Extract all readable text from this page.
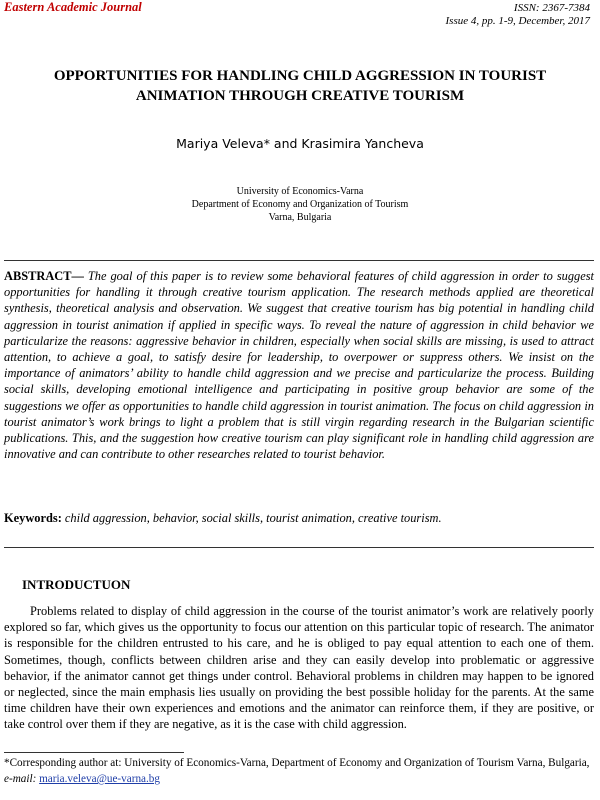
Eastern Academic Journal	ISSN: 2367-7384
Issue 4, pp. 1-9, December, 2017
OPPORTUNITIES FOR HANDLING CHILD AGGRESSION IN TOURIST ANIMATION THROUGH CREATIVE TOURISM
Mariya Veleva* and Krasimira Yancheva
University of Economics-Varna
Department of Economy and Organization of Tourism
Varna, Bulgaria
ABSTRACT— The goal of this paper is to review some behavioral features of child aggression in order to suggest opportunities for handling it through creative tourism application. The research methods applied are theoretical synthesis, theoretical analysis and observation. We suggest that creative tourism has big potential in handling child aggression in tourist animation if applied in specific ways. To reveal the nature of aggression in child behavior we particularize the reasons: aggressive behavior in children, especially when social skills are missing, is used to attract attention, to achieve a goal, to satisfy desire for leadership, to overpower or suppress others. We insist on the importance of animators’ ability to handle child aggression and we precise and particularize the process. Building social skills, developing emotional intelligence and participating in positive group behavior are some of the suggestions we offer as opportunities to handle child aggression in tourist animation. The focus on child aggression in tourist animator’s work brings to light a problem that is still virgin regarding research in the Bulgarian scientific publications. This, and the suggestion how creative tourism can play significant role in handling child aggression are innovative and can contribute to other researches related to tourist behavior.
Keywords: child aggression, behavior, social skills, tourist animation, creative tourism.
INTRODUCTUON
Problems related to display of child aggression in the course of the tourist animator’s work are relatively poorly explored so far, which gives us the opportunity to focus our attention on this particular topic of research. The animator is responsible for the children entrusted to his care, and he is obliged to pay equal attention to each one of them. Sometimes, though, conflicts between children arise and they can easily develop into problematic or aggressive behavior, if the animator cannot get things under control. Behavioral problems in children may happen to be ignored or neglected, since the main emphasis lies usually on providing the best possible holiday for the parents. At the same time children have their own experiences and emotions and the animator can reinforce them, if they are positive, or take control over them if they are negative, as it is the case with child aggression.
*Corresponding author at: University of Economics-Varna, Department of Economy and Organization of Tourism Varna, Bulgaria, e-mail: maria.veleva@ue-varna.bg
